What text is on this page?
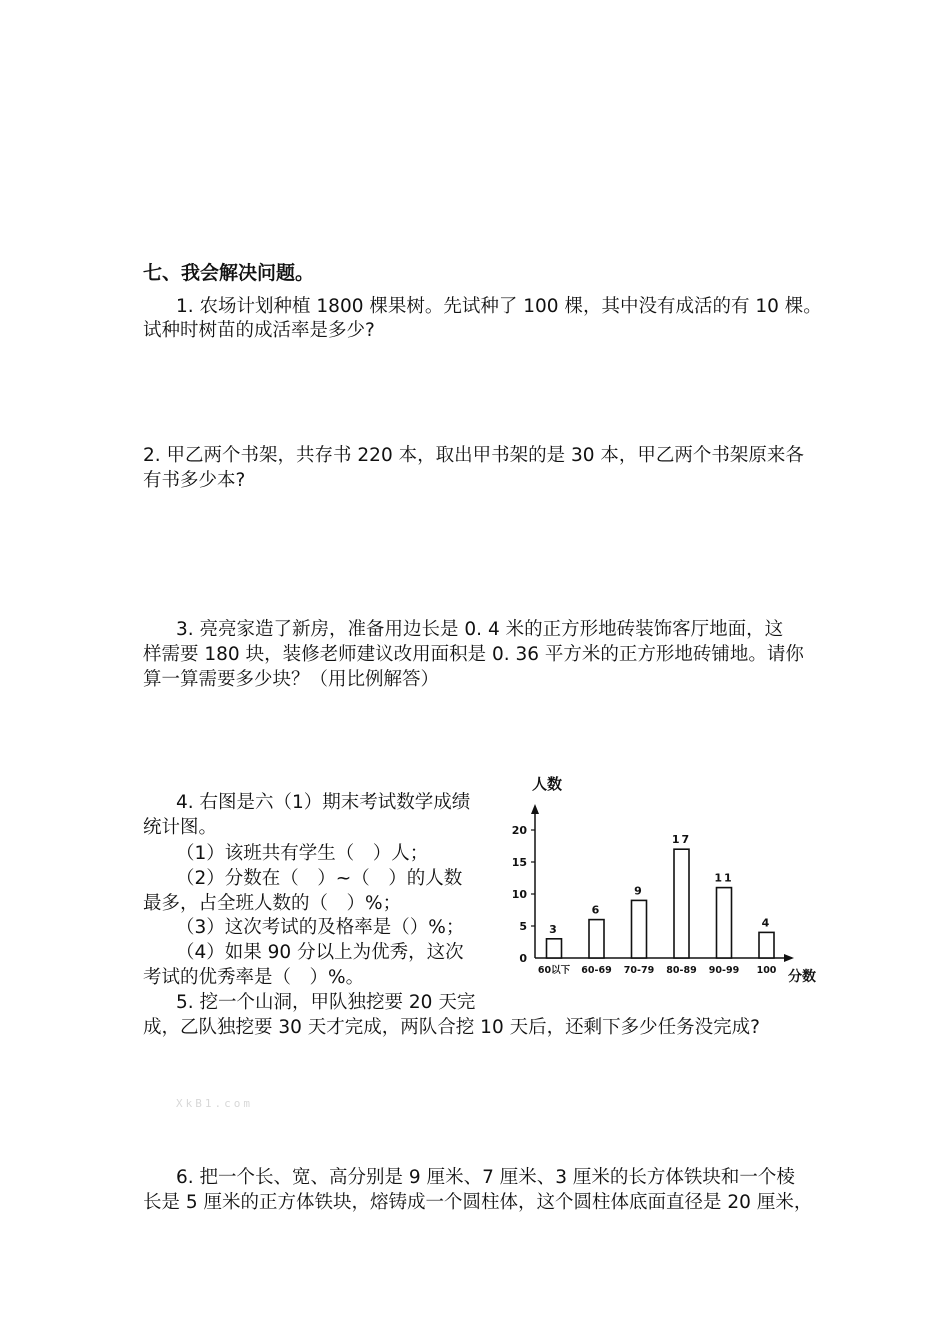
七、我会解决问题。
1. 农场计划种植 1800 棵果树。先试种了 100 棵，其中没有成活的有 10 棵。
试种时树苗的成活率是多少?
2. 甲乙两个书架，共存书 220 本，取出甲书架的是 30 本，甲乙两个书架原来各
有书多少本?
3. 亮亮家造了新房，准备用边长是 0. 4 米的正方形地砖装饰客厅地面，这
样需要 180 块，装修老师建议改用面积是 0. 36 平方米的正方形地砖铺地。请你
算一算需要多少块？（用比例解答）
4. 右图是六（1）期末考试数学成绩
统计图。
（1）该班共有学生（　）人；
（2）分数在（　）~（　）的人数
最多，占全班人数的（　）%；
（3）这次考试的及格率是（）%；
（4）如果 90 分以上为优秀，这次
考试的优秀率是（　）%。
5. 挖一个山洞，甲队独挖要 20 天完
成，乙队独挖要 30 天才完成，两队合挖 10 天后，还剩下多少任务没完成?
XkB1.com
6. 把一个长、宽、高分别是 9 厘米、7 厘米、3 厘米的长方体铁块和一个棱
长是 5 厘米的正方体铁块，熔铸成一个圆柱体，这个圆柱体底面直径是 20 厘米，
人数
分数
0
5
10
15
20
3
60以下
6
60-69
9
70-79
17
80-89
11
90-99
4
100
